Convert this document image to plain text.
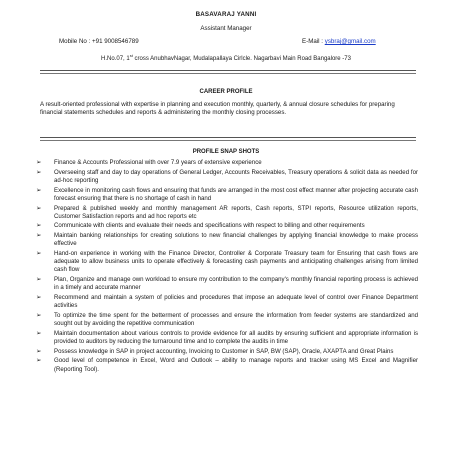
BASAVARAJ YANNI
Assistant Manager
Mobile No : +91 9008546789	E-Mail : ysbraj@gmail.com
H.No.07, 1st cross AnubhavNagar, Mudalapallaya Cirlcle. Nagarbavi Main Road Bangalore -73
CAREER PROFILE
A result-oriented professional with expertise in planning and execution monthly, quarterly, & annual closure schedules for preparing financial statements schedules and reports & administering the monthly closing processes.
PROFILE SNAP SHOTS
➢ Finance & Accounts Professional with over 7.9 years of extensive experience
➢ Overseeing staff and day to day operations of General Ledger, Accounts Receivables, Treasury operations & solicit data as needed for ad-hoc reporting
➢ Excellence in monitoring cash flows and ensuring that funds are arranged in the most cost effect manner after projecting accurate cash forecast ensuring that there is no shortage of cash in hand
➢ Prepared & published weekly and monthly management AR reports, Cash reports, STPI reports, Resource utilization reports, Customer Satisfaction reports and ad hoc reports etc
➢ Communicate with clients and evaluate their needs and specifications with respect to billing and other requirements
➢ Maintain banking relationships for creating solutions to new financial challenges by applying financial knowledge to make process effective
➢ Hand-on experience in working with the Finance Director, Controller & Corporate Treasury team for Ensuring that cash flows are adequate to allow business units to operate effectively & forecasting cash payments and anticipating challenges arising from limited cash flow
➢ Plan, Organize and manage own workload to ensure my contribution to the company's monthly financial reporting process is achieved in a timely and accurate manner
➢ Recommend and maintain a system of policies and procedures that impose an adequate level of control over Finance Department activities
➢ To optimize the time spent for the betterment of processes and ensure the information from feeder systems are standardized and sought out by avoiding the repetitive communication
➢ Maintain documentation about various controls to provide evidence for all audits by ensuring sufficient and appropriate information is provided to auditors by reducing the turnaround time and to complete the audits in time
➢ Possess knowledge in SAP in project accounting, Invoicing to Customer in SAP, BW (SAP), Oracle, AXAPTA and Great Plains
➢ Good level of competence in Excel, Word and Outlook – ability to manage reports and tracker using MS Excel and Magnifier (Reporting Tool).
